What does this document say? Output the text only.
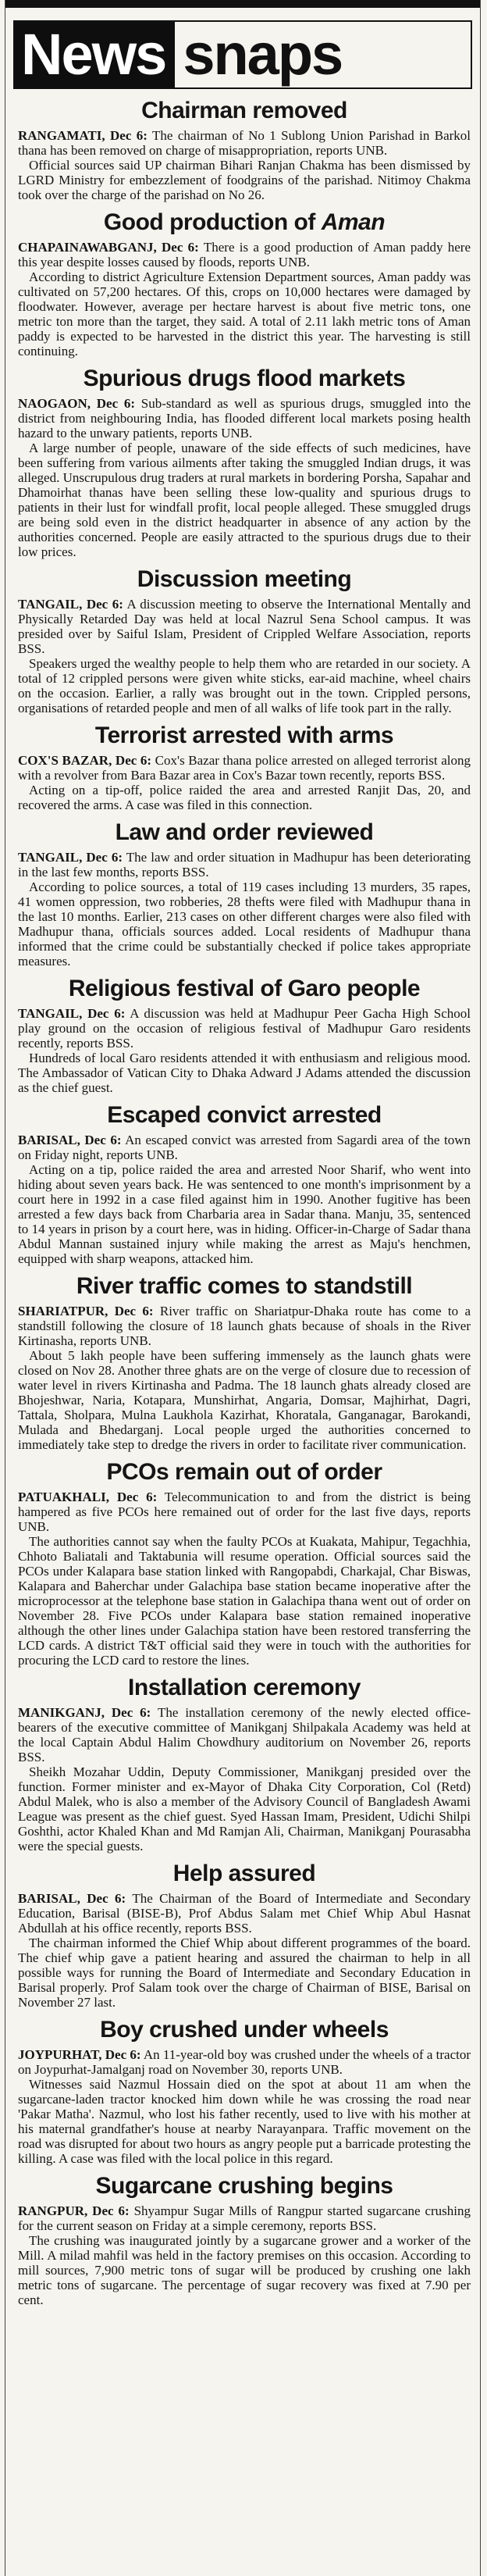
News snaps
Chairman removed

RANGAMATI, Dec 6: The chairman of No 1 Sublong Union Parishad in Barkol thana has been removed on charge of misappropriation, reports UNB.

Official sources said UP chairman Bihari Ranjan Chakma has been dismissed by LGRD Ministry for embezzlement of foodgrains of the parishad. Nitimoy Chakma took over the charge of the parishad on No 26.

Good production of Aman

CHAPAINAWABGANJ, Dec 6: There is a good production of Aman paddy here this year despite losses caused by floods, reports UNB.

According to district Agriculture Extension Department sources, Aman paddy was cultivated on 57,200 hectares. Of this, crops on 10,000 hectares were damaged by floodwater. However, average per hectare harvest is about five metric tons, one metric ton more than the target, they said. A total of 2.11 lakh metric tons of Aman paddy is expected to be harvested in the district this year. The harvesting is still continuing.

Spurious drugs flood markets

NAOGAON, Dec 6: Sub-standard as well as spurious drugs, smuggled into the district from neighbouring India, has flooded different local markets posing health hazard to the unwary patients, reports UNB.

A large number of people, unaware of the side effects of such medicines, have been suffering from various ailments after taking the smuggled Indian drugs, it was alleged. Unscrupulous drug traders at rural markets in bordering Porsha, Sapahar and Dhamoirhat thanas have been selling these low-quality and spurious drugs to patients in their lust for windfall profit, local people alleged. These smuggled drugs are being sold even in the district headquarter in absence of any action by the authorities concerned. People are easily attracted to the spurious drugs due to their low prices.

Discussion meeting

TANGAIL, Dec 6: A discussion meeting to observe the International Mentally and Physically Retarded Day was held at local Nazrul Sena School campus. It was presided over by Saiful Islam, President of Crippled Welfare Association, reports BSS.

Speakers urged the wealthy people to help them who are retarded in our society. A total of 12 crippled persons were given white sticks, ear-aid machine, wheel chairs on the occasion. Earlier, a rally was brought out in the town. Crippled persons, organisations of retarded people and men of all walks of life took part in the rally.

Terrorist arrested with arms

COX'S BAZAR, Dec 6: Cox's Bazar thana police arrested on alleged terrorist along with a revolver from Bara Bazar area in Cox's Bazar town recently, reports BSS.

Acting on a tip-off, police raided the area and arrested Ranjit Das, 20, and recovered the arms. A case was filed in this connection.

Law and order reviewed

TANGAIL, Dec 6: The law and order situation in Madhupur has been deteriorating in the last few months, reports BSS.

According to police sources, a total of 119 cases including 13 murders, 35 rapes, 41 women oppression, two robberies, 28 thefts were filed with Madhupur thana in the last 10 months. Earlier, 213 cases on other different charges were also filed with Madhupur thana, officials sources added. Local residents of Madhupur thana informed that the crime could be substantially checked if police takes appropriate measures.

Religious festival of Garo people

TANGAIL, Dec 6: A discussion was held at Madhupur Peer Gacha High School play ground on the occasion of religious festival of Madhupur Garo residents recently, reports BSS.

Hundreds of local Garo residents attended it with enthusiasm and religious mood. The Ambassador of Vatican City to Dhaka Adward J Adams attended the discussion as the chief guest.

Escaped convict arrested

BARISAL, Dec 6: An escaped convict was arrested from Sagardi area of the town on Friday night, reports UNB.

Acting on a tip, police raided the area and arrested Noor Sharif, who went into hiding about seven years back. He was sentenced to one month's imprisonment by a court here in 1992 in a case filed against him in 1990. Another fugitive has been arrested a few days back from Charbaria area in Sadar thana. Manju, 35, sentenced to 14 years in prison by a court here, was in hiding. Officer-in-Charge of Sadar thana Abdul Mannan sustained injury while making the arrest as Maju's henchmen, equipped with sharp weapons, attacked him.

River traffic comes to standstill

SHARIATPUR, Dec 6: River traffic on Shariatpur-Dhaka route has come to a standstill following the closure of 18 launch ghats because of shoals in the River Kirtinasha, reports UNB.

About 5 lakh people have been suffering immensely as the launch ghats were closed on Nov 28. Another three ghats are on the verge of closure due to recession of water level in rivers Kirtinasha and Padma. The 18 launch ghats already closed are Bhojeshwar, Naria, Kotapara, Munshirhat, Angaria, Domsar, Majhirhat, Dagri, Tattala, Sholpara, Mulna Laukhola Kazirhat, Khoratala, Ganganagar, Barokandi, Mulada and Bhedarganj. Local people urged the authorities concerned to immediately take step to dredge the rivers in order to facilitate river communication.

PCOs remain out of order

PATUAKHALI, Dec 6: Telecommunication to and from the district is being hampered as five PCOs here remained out of order for the last five days, reports UNB.

The authorities cannot say when the faulty PCOs at Kuakata, Mahipur, Tegachhia, Chhoto Baliatali and Taktabunia will resume operation. Official sources said the PCOs under Kalapara base station linked with Rangopabdi, Charkajal, Char Biswas, Kalapara and Baherchar under Galachipa base station became inoperative after the microprocessor at the telephone base station in Galachipa thana went out of order on November 28. Five PCOs under Kalapara base station remained inoperative although the other lines under Galachipa station have been restored transferring the LCD cards. A district T&T official said they were in touch with the authorities for procuring the LCD card to restore the lines.

Installation ceremony

MANIKGANJ, Dec 6: The installation ceremony of the newly elected office-bearers of the executive committee of Manikganj Shilpakala Academy was held at the local Captain Abdul Halim Chowdhury auditorium on November 26, reports BSS.

Sheikh Mozahar Uddin, Deputy Commissioner, Manikganj presided over the function. Former minister and ex-Mayor of Dhaka City Corporation, Col (Retd) Abdul Malek, who is also a member of the Advisory Council of Bangladesh Awami League was present as the chief guest. Syed Hassan Imam, President, Udichi Shilpi Goshthi, actor Khaled Khan and Md Ramjan Ali, Chairman, Manikganj Pourasabha were the special guests.

Help assured

BARISAL, Dec 6: The Chairman of the Board of Intermediate and Secondary Education, Barisal (BISE-B), Prof Abdus Salam met Chief Whip Abul Hasnat Abdullah at his office recently, reports BSS.

The chairman informed the Chief Whip about different programmes of the board. The chief whip gave a patient hearing and assured the chairman to help in all possible ways for running the Board of Intermediate and Secondary Education in Barisal properly. Prof Salam took over the charge of Chairman of BISE, Barisal on November 27 last.

Boy crushed under wheels

JOYPURHAT, Dec 6: An 11-year-old boy was crushed under the wheels of a tractor on Joypurhat-Jamalganj road on November 30, reports UNB.

Witnesses said Nazmul Hossain died on the spot at about 11 am when the sugarcane-laden tractor knocked him down while he was crossing the road near 'Pakar Matha'. Nazmul, who lost his father recently, used to live with his mother at his maternal grandfather's house at nearby Narayanpara. Traffic movement on the road was disrupted for about two hours as angry people put a barricade protesting the killing. A case was filed with the local police in this regard.

Sugarcane crushing begins

RANGPUR, Dec 6: Shyampur Sugar Mills of Rangpur started sugarcane crushing for the current season on Friday at a simple ceremony, reports BSS.

The crushing was inaugurated jointly by a sugarcane grower and a worker of the Mill. A milad mahfil was held in the factory premises on this occasion. According to mill sources, 7,900 metric tons of sugar will be produced by crushing one lakh metric tons of sugarcane. The percentage of sugar recovery was fixed at 7.90 per cent.
